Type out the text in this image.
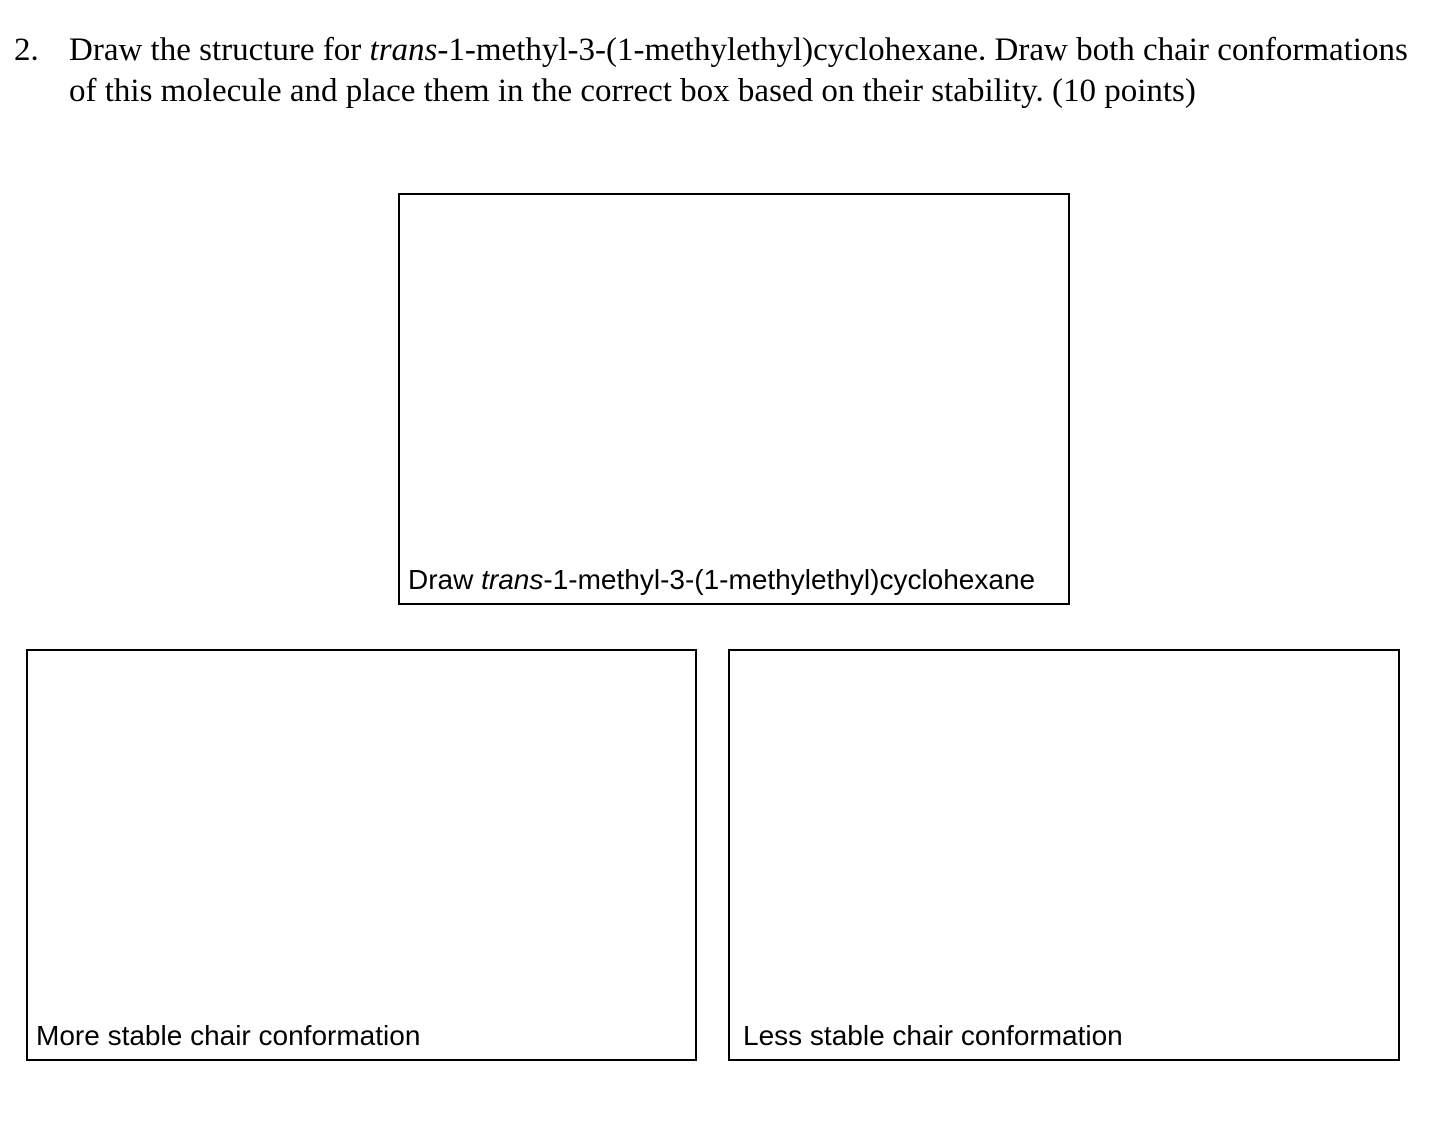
2. Draw the structure for trans-1-methyl-3-(1-methylethyl)cyclohexane. Draw both chair conformations of this molecule and place them in the correct box based on their stability. (10 points)
Draw trans-1-methyl-3-(1-methylethyl)cyclohexane
More stable chair conformation	Less stable chair conformation
